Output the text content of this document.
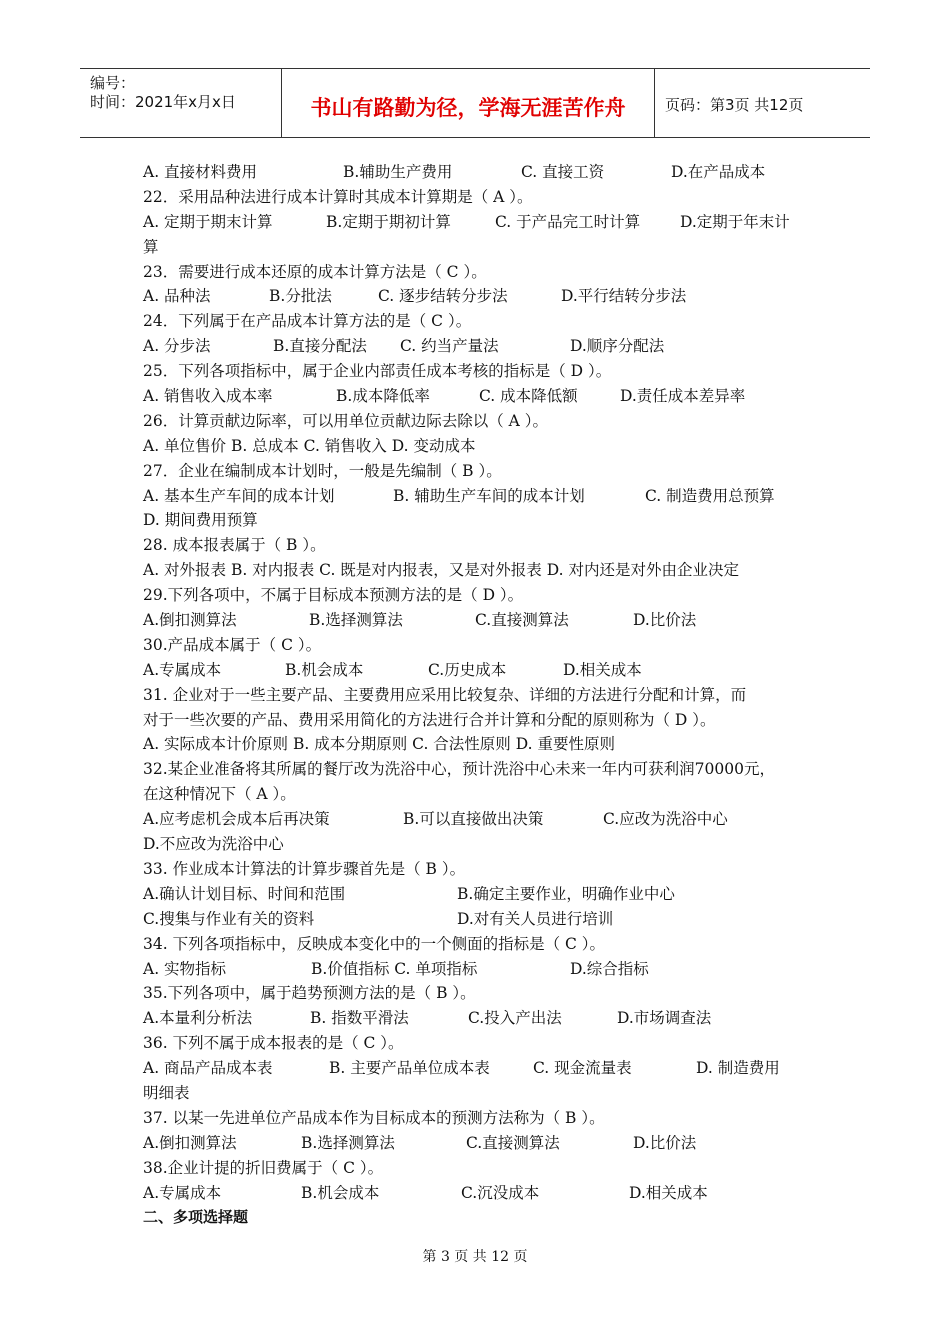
编号：
时间：2021年x月x日	书山有路勤为径，学海无涯苦作舟	页码：第3页 共12页
A. 直接材料费用	B.辅助生产费用	C. 直接工资	D.在产品成本
22．采用品种法进行成本计算时其成本计算期是（ A ）。
A. 定期于期末计算	B.定期于期初计算	C. 于产品完工时计算	D.定期于年末计
算
23．需要进行成本还原的成本计算方法是（ C ）。
A. 品种法	B.分批法	C. 逐步结转分步法	D.平行结转分步法
24．下列属于在产品成本计算方法的是（ C ）。
A. 分步法	B.直接分配法 C. 约当产量法	D.顺序分配法
25．下列各项指标中，属于企业内部责任成本考核的指标是（ D ）。
A. 销售收入成本率	B.成本降低率	C. 成本降低额	D.责任成本差异率
26．计算贡献边际率，可以用单位贡献边际去除以（ A ）。
A. 单位售价 B. 总成本 C. 销售收入 D. 变动成本
27．企业在编制成本计划时，一般是先编制（ B ）。
A. 基本生产车间的成本计划	B. 辅助生产车间的成本计划	C. 制造费用总预算
D. 期间费用预算
28. 成本报表属于（ B ）。
A. 对外报表 B. 对内报表 C. 既是对内报表，又是对外报表 D. 对内还是对外由企业决定
29.下列各项中，不属于目标成本预测方法的是（ D ）。
A.倒扣测算法	B.选择测算法	C.直接测算法	D.比价法
30.产品成本属于（ C ）。
A.专属成本	B.机会成本	C.历史成本	D.相关成本
31. 企业对于一些主要产品、主要费用应采用比较复杂、详细的方法进行分配和计算，而
对于一些次要的产品、费用采用简化的方法进行合并计算和分配的原则称为（ D ）。
A. 实际成本计价原则 B. 成本分期原则 C. 合法性原则 D. 重要性原则
32.某企业准备将其所属的餐厅改为洗浴中心，预计洗浴中心未来一年内可获利润70000元，
在这种情况下（ A ）。
A.应考虑机会成本后再决策	B.可以直接做出决策	C.应改为洗浴中心
D.不应改为洗浴中心
33. 作业成本计算法的计算步骤首先是（ B ）。
A.确认计划目标、时间和范围	B.确定主要作业，明确作业中心
C.搜集与作业有关的资料	D.对有关人员进行培训
34. 下列各项指标中，反映成本变化中的一个侧面的指标是（ C ）。
A. 实物指标	B.价值指标 C. 单项指标	D.综合指标
35.下列各项中，属于趋势预测方法的是（ B ）。
A.本量利分析法	B. 指数平滑法	C.投入产出法	D.市场调查法
36. 下列不属于成本报表的是（ C ）。
A. 商品产品成本表	B. 主要产品单位成本表	C. 现金流量表	D. 制造费用
明细表
37. 以某一先进单位产品成本作为目标成本的预测方法称为（ B ）。
A.倒扣测算法	B.选择测算法	C.直接测算法	D.比价法
38.企业计提的折旧费属于（ C ）。
A.专属成本	B.机会成本	C.沉没成本	D.相关成本
二、多项选择题
第 3 页 共 12 页
